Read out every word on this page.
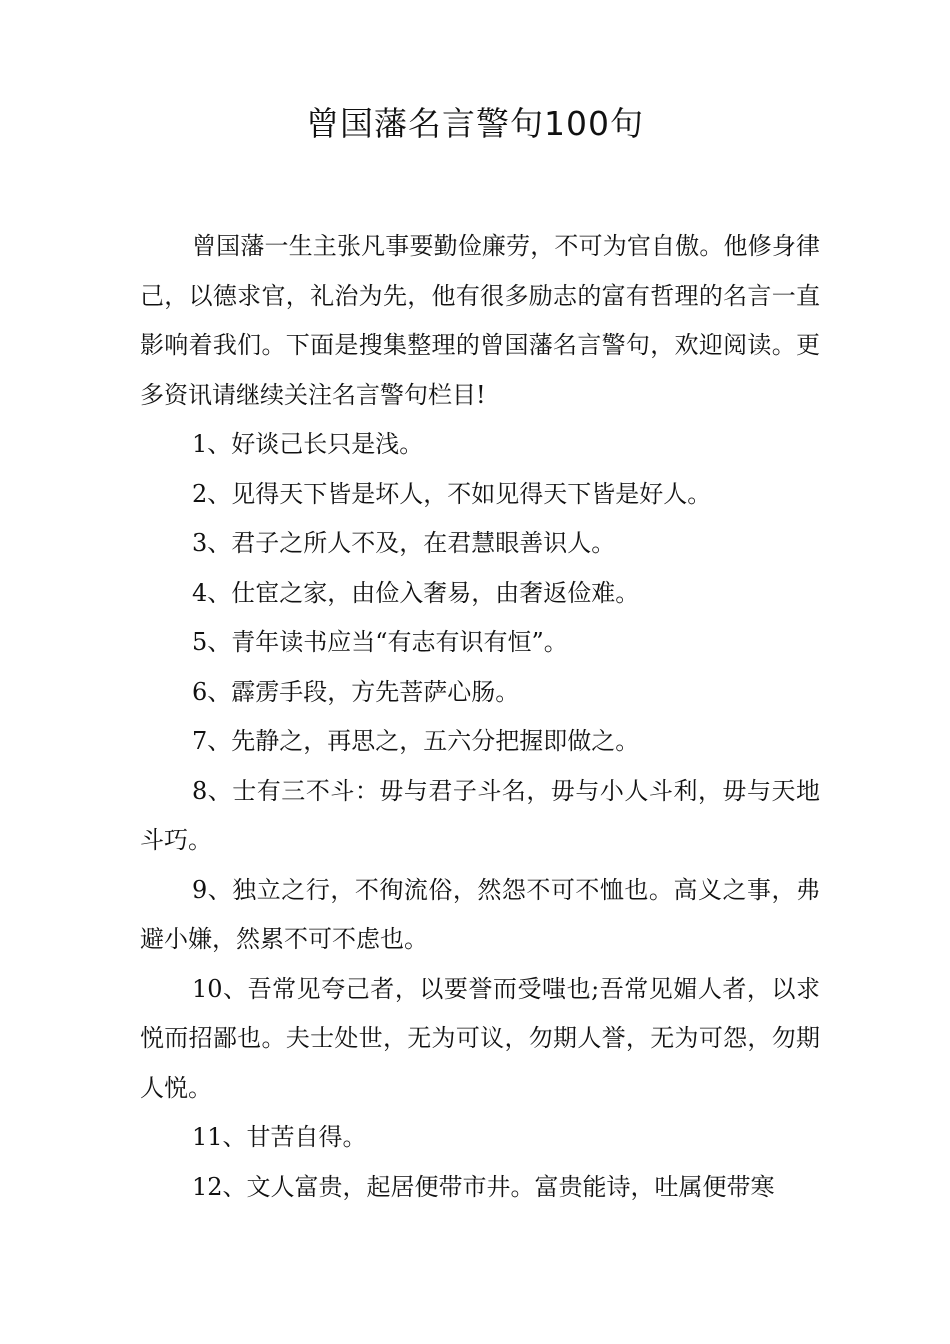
曾国藩名言警句100句

曾国藩一生主张凡事要勤俭廉劳，不可为官自傲。他修身律己，以德求官，礼治为先，他有很多励志的富有哲理的名言一直影响着我们。下面是搜集整理的曾国藩名言警句，欢迎阅读。更多资讯请继续关注名言警句栏目!

1、好谈己长只是浅。

2、见得天下皆是坏人，不如见得天下皆是好人。

3、君子之所人不及，在君慧眼善识人。

4、仕宦之家，由俭入奢易，由奢返俭难。

5、青年读书应当“有志有识有恒”。

6、霹雳手段，方先菩萨心肠。

7、先静之，再思之，五六分把握即做之。

8、士有三不斗：毋与君子斗名，毋与小人斗利，毋与天地斗巧。

9、独立之行，不徇流俗，然怨不可不恤也。高义之事，弗避小嫌，然累不可不虑也。

10、吾常见夸己者，以要誉而受嗤也;吾常见媚人者，以求悦而招鄙也。夫士处世，无为可议，勿期人誉，无为可怨，勿期人悦。

11、甘苦自得。

12、文人富贵，起居便带市井。富贵能诗，吐属便带寒
